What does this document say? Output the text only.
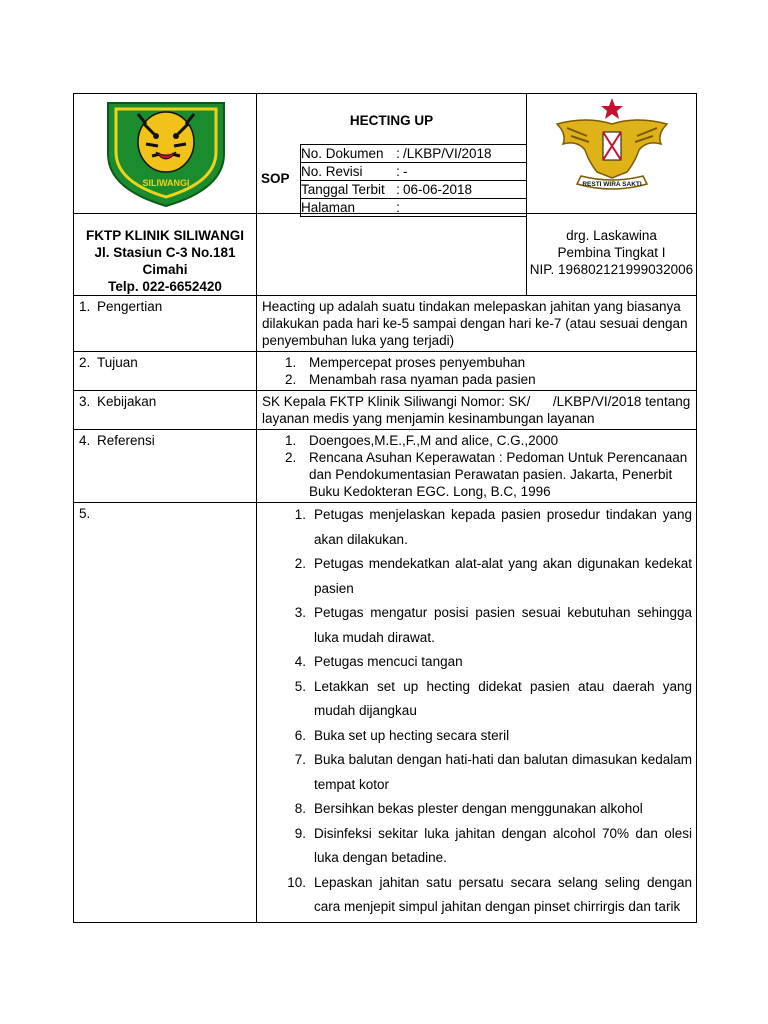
SILIWANGI

HECTING UP
SOP
No. Dokumen	:	/LKBP/VI/2018
No. Revisi	:	-
Tanggal Terbit	:	06-06-2018
Halaman	:	

RESTI WIRA SAKTI

FKTP KLINIK SILIWANGI
Jl. Stasiun C-3 No.181 Cimahi
Telp. 022-6652420

drg. Laskawina
Pembina Tingkat I
NIP. 196802121999032006

1. Pengertian	Heacting up adalah suatu tindakan melepaskan jahitan yang biasanya dilakukan pada hari ke-5 sampai dengan hari ke-7 (atau sesuai dengan penyembuhan luka yang terjadi)
2. Tujuan	1. Mempercepat proses penyembuhan
2. Menambah rasa nyaman pada pasien

3. Kebijakan	SK Kepala FKTP Klinik Siliwangi Nomor: SK/      /LKBP/VI/2018 tentang layanan medis yang menjamin kesinambungan layanan
4. Referensi	1. Doengoes,M.E.,F.,M and alice, C.G.,2000
2. Rencana Asuhan Keperawatan : Pedoman Untuk Perencanaan dan Pendokumentasian Perawatan pasien. Jakarta, Penerbit Buku Kedokteran EGC. Long, B.C, 1996

5.	1. Petugas menjelaskan kepada pasien prosedur tindakan yang akan dilakukan.
2. Petugas mendekatkan alat-alat yang akan digunakan kedekat pasien
3. Petugas mengatur posisi pasien sesuai kebutuhan sehingga luka mudah dirawat.
4. Petugas mencuci tangan
5. Letakkan set up hecting didekat pasien atau daerah yang mudah dijangkau
6. Buka set up hecting secara steril
7. Buka balutan dengan hati-hati dan balutan dimasukan kedalam tempat kotor
8. Bersihkan bekas plester dengan menggunakan alkohol
9. Disinfeksi sekitar luka jahitan dengan alcohol 70% dan olesi luka dengan betadine.
10. Lepaskan jahitan satu persatu secara selang seling dengan cara menjepit simpul jahitan dengan pinset chirrirgis dan tarik
